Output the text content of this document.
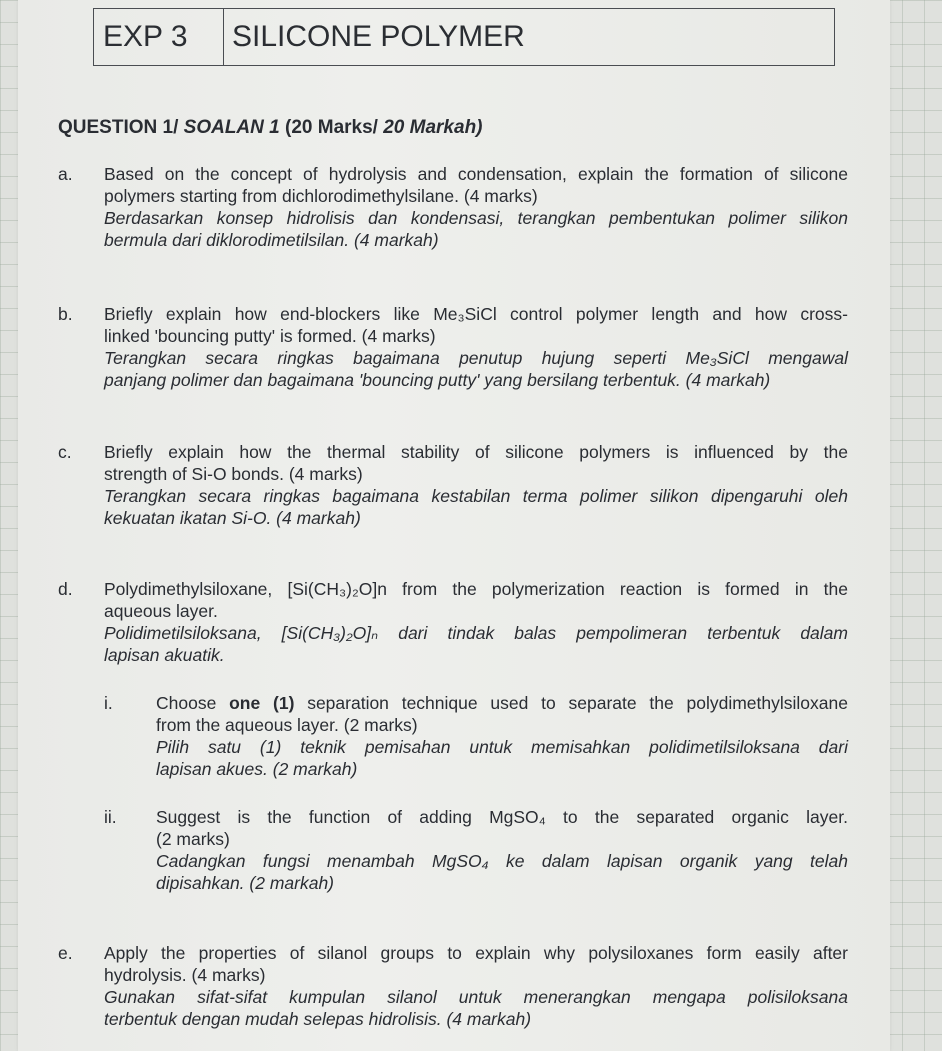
EXP 3	SILICONE POLYMER
QUESTION 1/ SOALAN 1 (20 Marks/ 20 Markah)
a. Based on the concept of hydrolysis and condensation, explain the formation of silicone
polymers starting from dichlorodimethylsilane. (4 marks)
Berdasarkan konsep hidrolisis dan kondensasi, terangkan pembentukan polimer silikon
bermula dari diklorodimetilsilan. (4 markah)
b. Briefly explain how end-blockers like Me₃SiCl control polymer length and how cross-
linked 'bouncing putty' is formed. (4 marks)
Terangkan secara ringkas bagaimana penutup hujung seperti Me₃SiCl mengawal
panjang polimer dan bagaimana 'bouncing putty' yang bersilang terbentuk. (4 markah)
c. Briefly explain how the thermal stability of silicone polymers is influenced by the
strength of Si-O bonds. (4 marks)
Terangkan secara ringkas bagaimana kestabilan terma polimer silikon dipengaruhi oleh
kekuatan ikatan Si-O. (4 markah)
d. Polydimethylsiloxane, [Si(CH₃)₂O]n from the polymerization reaction is formed in the
aqueous layer.
Polidimetilsiloksana, [Si(CH₃)₂O]ₙ dari tindak balas pempolimeran terbentuk dalam
lapisan akuatik.
i. Choose one (1) separation technique used to separate the polydimethylsiloxane
from the aqueous layer. (2 marks)
Pilih satu (1) teknik pemisahan untuk memisahkan polidimetilsiloksana dari
lapisan akues. (2 markah)
ii. Suggest is the function of adding MgSO₄ to the separated organic layer.
(2 marks)
Cadangkan fungsi menambah MgSO₄ ke dalam lapisan organik yang telah
dipisahkan. (2 markah)
e. Apply the properties of silanol groups to explain why polysiloxanes form easily after
hydrolysis. (4 marks)
Gunakan sifat-sifat kumpulan silanol untuk menerangkan mengapa polisiloksana
terbentuk dengan mudah selepas hidrolisis. (4 markah)
